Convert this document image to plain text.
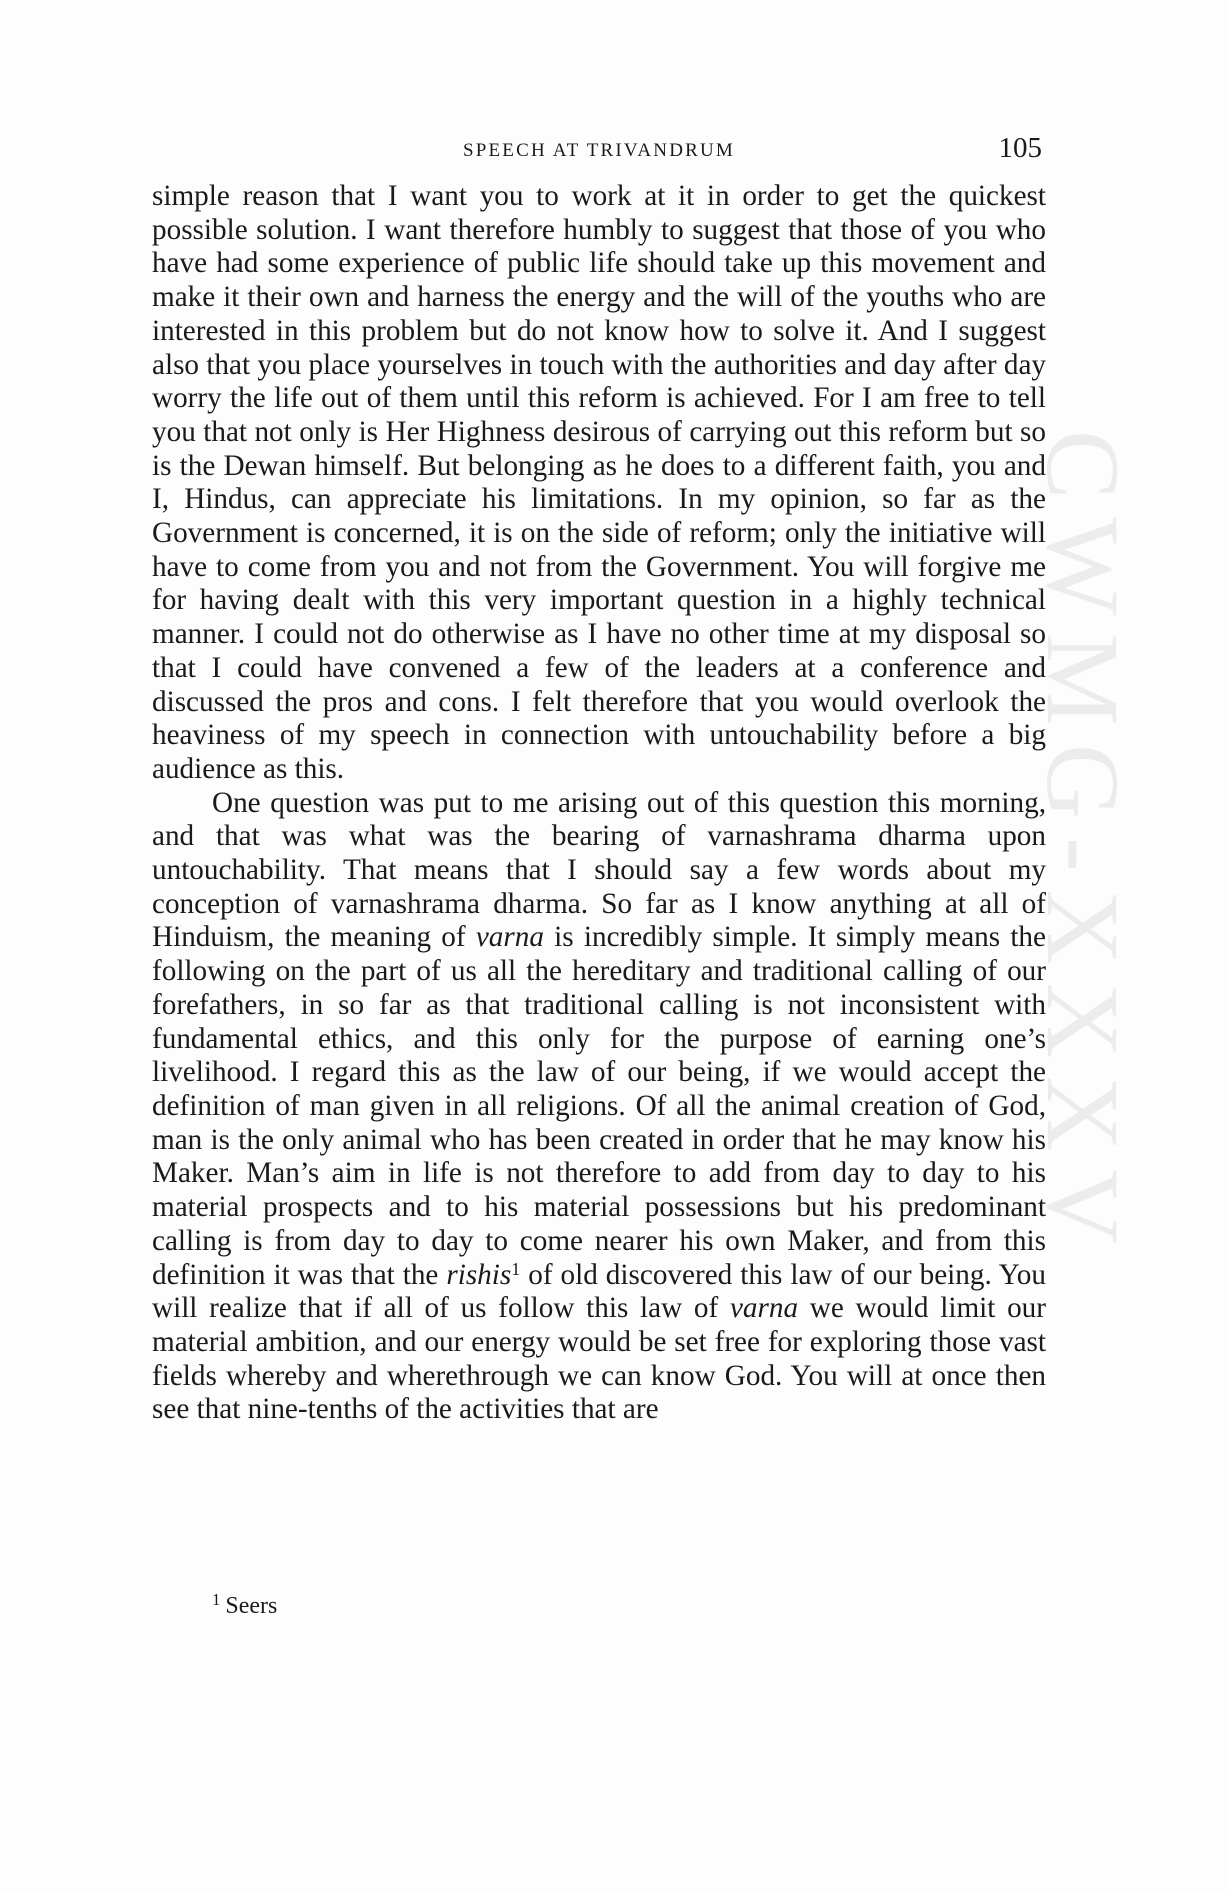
SPEECH AT TRIVANDRUM	105
CWMG-XXXV

simple reason that I want you to work at it in order to get the quickest possible solution. I want therefore humbly to suggest that those of you who have had some experience of public life should take up this movement and make it their own and harness the energy and the will of the youths who are interested in this problem but do not know how to solve it. And I suggest also that you place yourselves in touch with the authorities and day after day worry the life out of them until this reform is achieved. For I am free to tell you that not only is Her Highness desirous of carrying out this reform but so is the Dewan himself. But belonging as he does to a different faith, you and I, Hindus, can appreciate his limitations. In my opinion, so far as the Government is concerned, it is on the side of reform; only the initiative will have to come from you and not from the Government. You will forgive me for having dealt with this very important question in a highly technical manner. I could not do otherwise as I have no other time at my disposal so that I could have convened a few of the leaders at a conference and discussed the pros and cons. I felt therefore that you would overlook the heaviness of my speech in connection with untouchability before a big audience as this.

One question was put to me arising out of this question this morning, and that was what was the bearing of varnashrama dharma upon untouchability. That means that I should say a few words about my conception of varnashrama dharma. So far as I know anything at all of Hinduism, the meaning of varna is incredibly simple. It simply means the following on the part of us all the hereditary and traditional calling of our forefathers, in so far as that traditional calling is not inconsistent with fundamental ethics, and this only for the purpose of earning one’s livelihood. I regard this as the law of our being, if we would accept the definition of man given in all religions. Of all the animal creation of God, man is the only animal who has been created in order that he may know his Maker. Man’s aim in life is not therefore to add from day to day to his material prospects and to his material possessions but his predominant calling is from day to day to come nearer his own Maker, and from this definition it was that the rishis$^1$ of old discovered this law of our being. You will realize that if all of us follow this law of varna we would limit our material ambition, and our energy would be set free for exploring those vast fields whereby and wherethrough we can know God. You will at once then see that nine-tenths of the activities that are

$^1$ Seers
